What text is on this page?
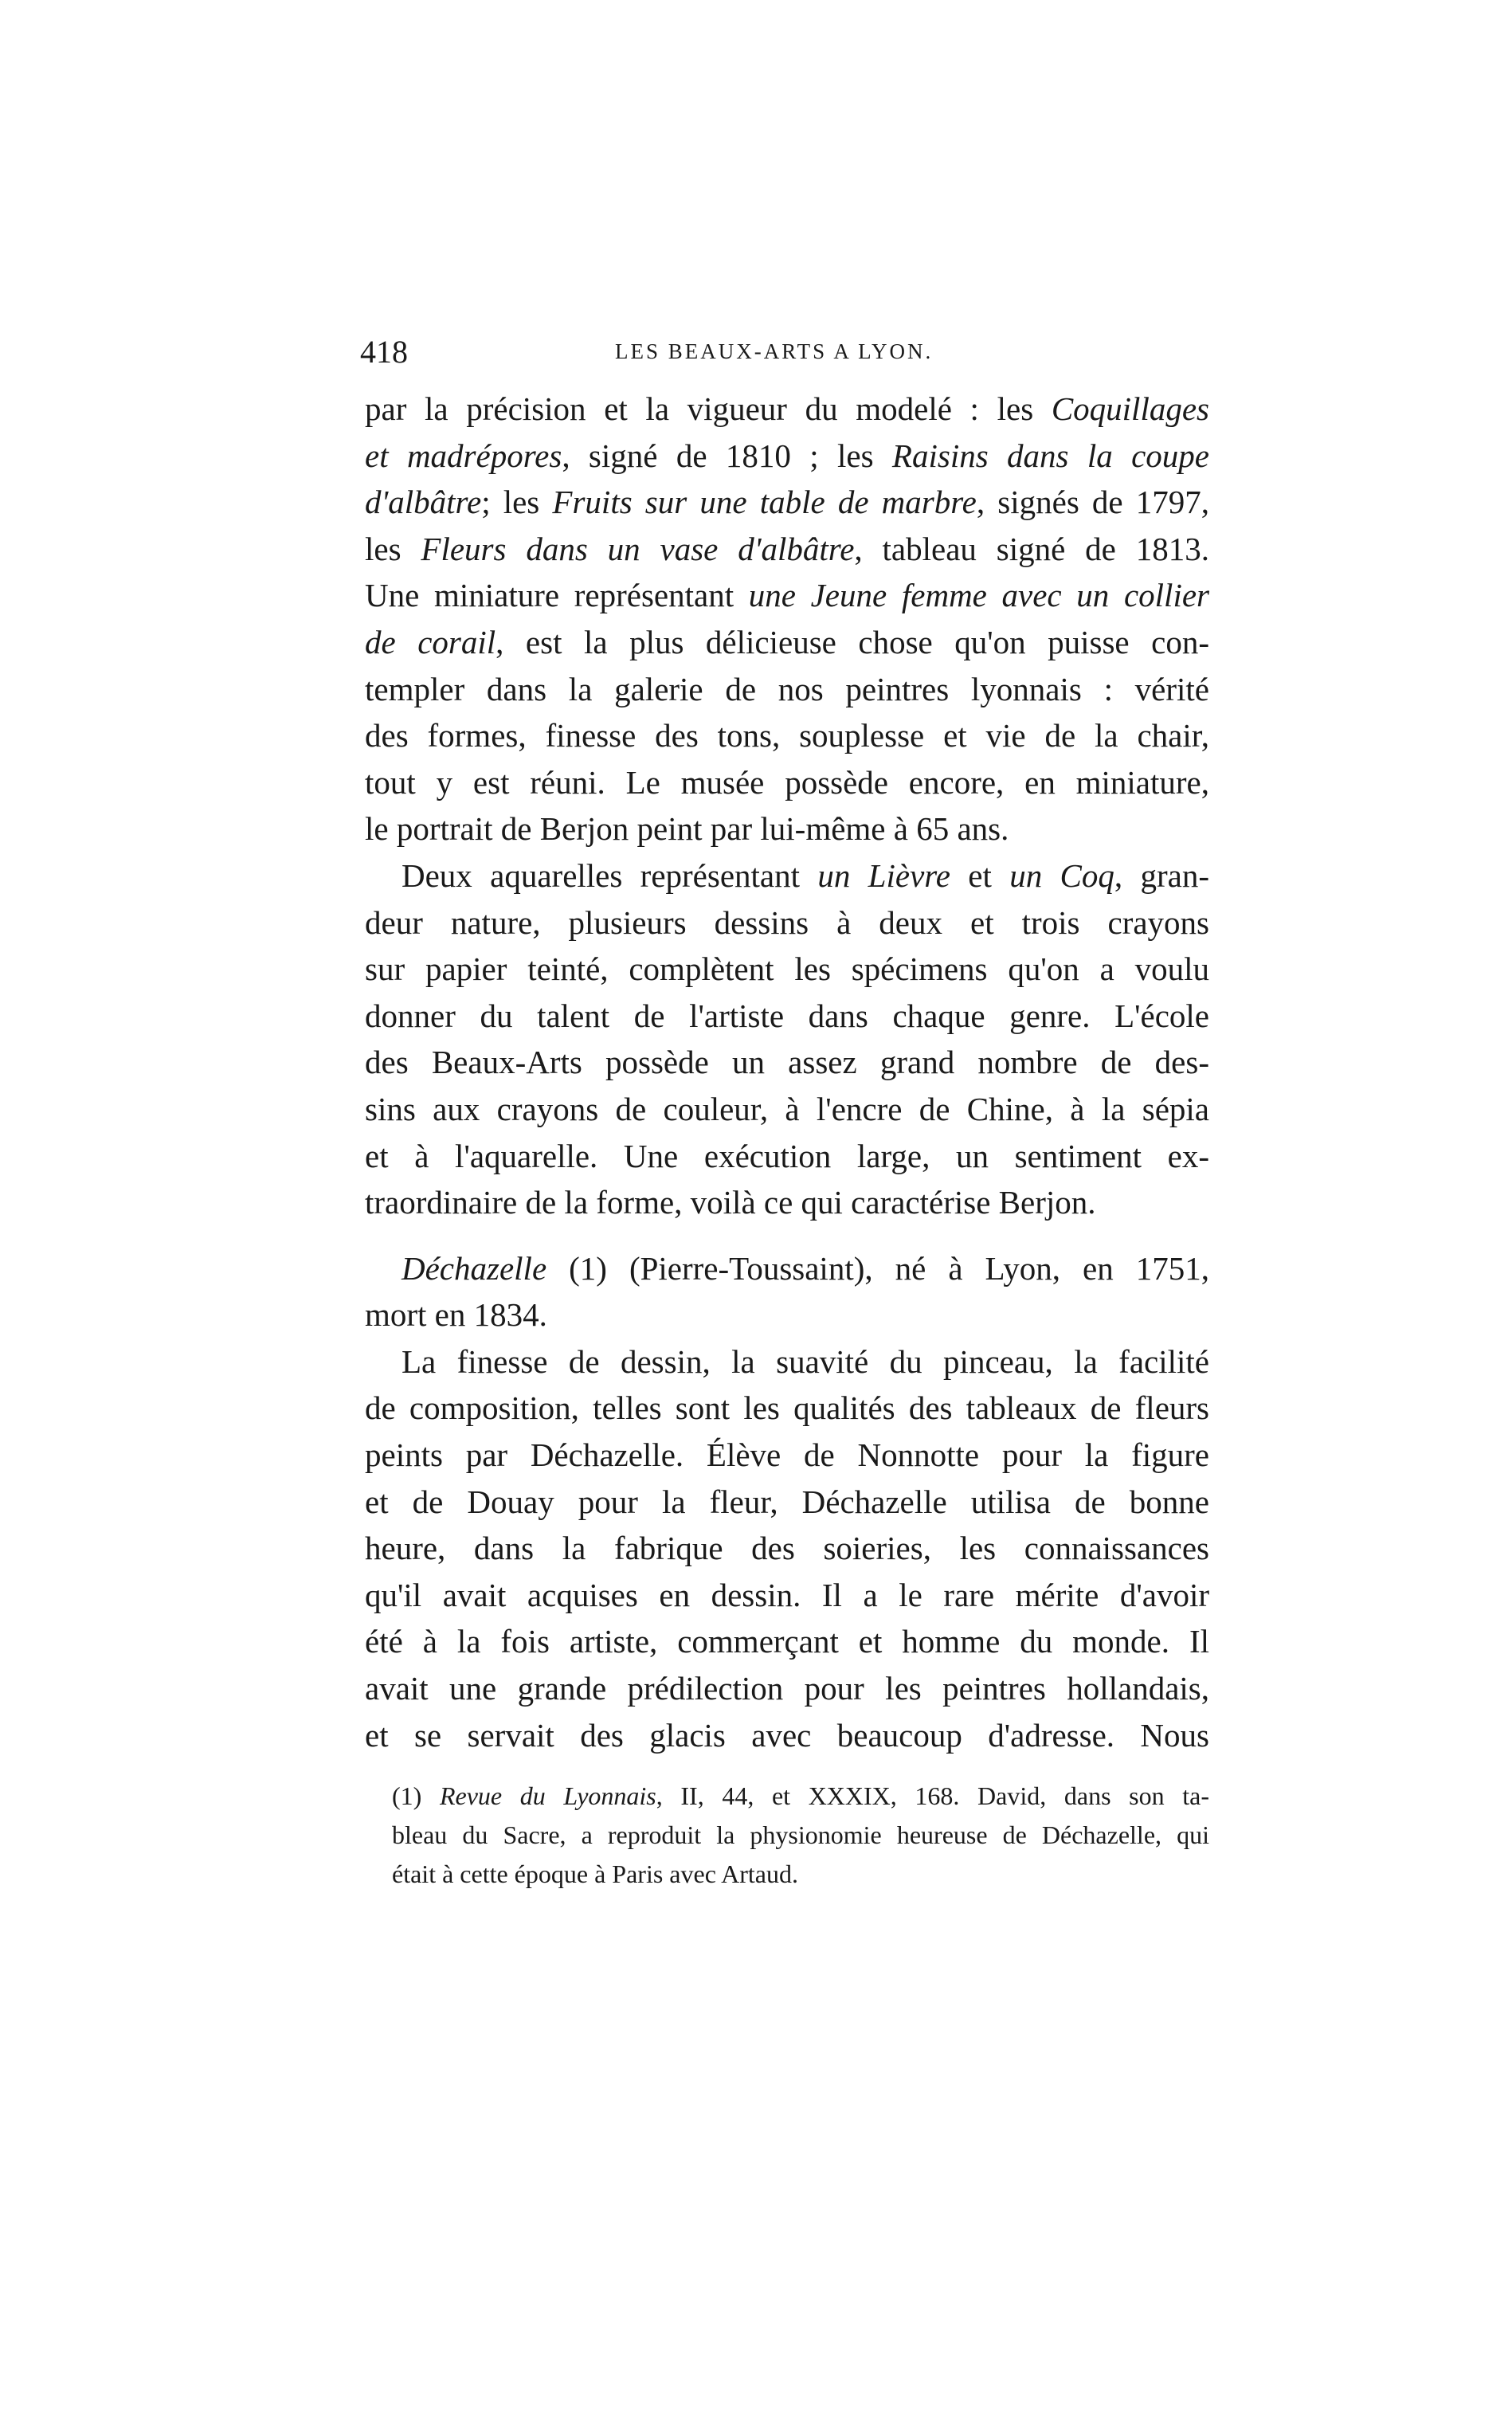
418	LES BEAUX-ARTS A LYON.
par la précision et la vigueur du modelé : les Coquillages
et madrépores, signé de 1810 ; les Raisins dans la coupe
d'albâtre; les Fruits sur une table de marbre, signés de 1797,
les Fleurs dans un vase d'albâtre, tableau signé de 1813.
Une miniature représentant une Jeune femme avec un collier
de corail, est la plus délicieuse chose qu'on puisse con-
templer dans la galerie de nos peintres lyonnais : vérité
des formes, finesse des tons, souplesse et vie de la chair,
tout y est réuni. Le musée possède encore, en miniature,
le portrait de Berjon peint par lui-même à 65 ans.
Deux aquarelles représentant un Lièvre et un Coq, gran-
deur nature, plusieurs dessins à deux et trois crayons
sur papier teinté, complètent les spécimens qu'on a voulu
donner du talent de l'artiste dans chaque genre. L'école
des Beaux-Arts possède un assez grand nombre de des-
sins aux crayons de couleur, à l'encre de Chine, à la sépia
et à l'aquarelle. Une exécution large, un sentiment ex-
traordinaire de la forme, voilà ce qui caractérise Berjon.
Déchazelle (1) (Pierre-Toussaint), né à Lyon, en 1751,
mort en 1834.
La finesse de dessin, la suavité du pinceau, la facilité
de composition, telles sont les qualités des tableaux de fleurs
peints par Déchazelle. Élève de Nonnotte pour la figure
et de Douay pour la fleur, Déchazelle utilisa de bonne
heure, dans la fabrique des soieries, les connaissances
qu'il avait acquises en dessin. Il a le rare mérite d'avoir
été à la fois artiste, commerçant et homme du monde. Il
avait une grande prédilection pour les peintres hollandais,
et se servait des glacis avec beaucoup d'adresse. Nous
(1) Revue du Lyonnais, II, 44, et XXXIX, 168. David, dans son ta-
bleau du Sacre, a reproduit la physionomie heureuse de Déchazelle, qui
était à cette époque à Paris avec Artaud.
